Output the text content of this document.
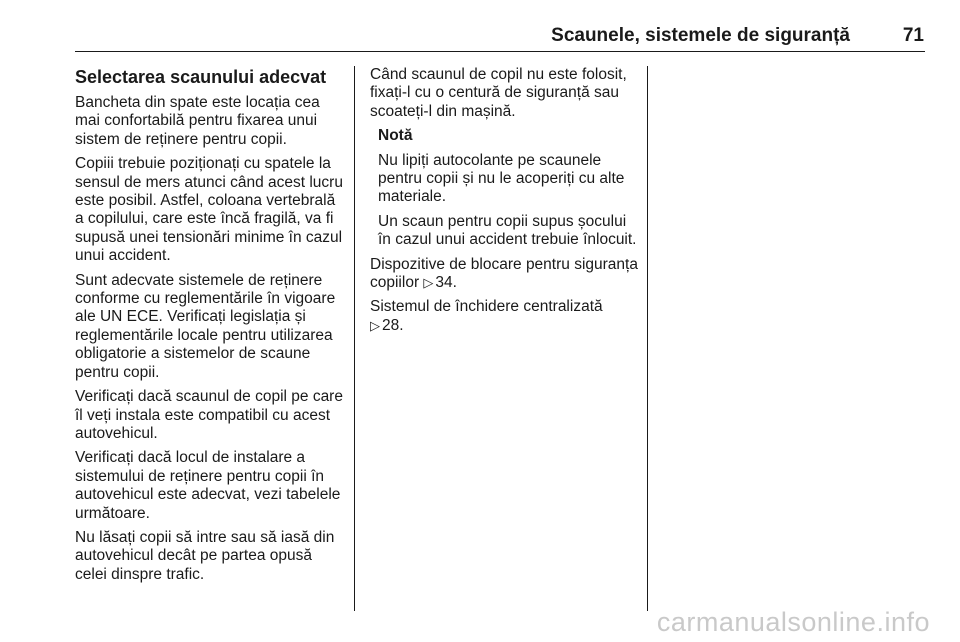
Scaunele, sistemele de siguranță	71
Selectarea scaunului adecvat

Bancheta din spate este locația cea mai confortabilă pentru fixarea unui sistem de reținere pentru copii.

Copiii trebuie poziționați cu spatele la sensul de mers atunci când acest lucru este posibil. Astfel, coloana vertebrală a copilului, care este încă fragilă, va fi supusă unei tensionări minime în cazul unui accident.

Sunt adecvate sistemele de reținere conforme cu reglementările în vigoare ale UN ECE. Verificați legislația și reglementările locale pentru utilizarea obligatorie a sistemelor de scaune pentru copii.

Verificați dacă scaunul de copil pe care îl veți instala este compatibil cu acest autovehicul.

Verificați dacă locul de instalare a sistemului de reținere pentru copii în autovehicul este adecvat, vezi tabelele următoare.

Nu lăsați copii să intre sau să iasă din autovehicul decât pe partea opusă celei dinspre trafic.

Când scaunul de copil nu este folosit, fixați-l cu o centură de siguranță sau scoateți-l din mașină.

Notă

Nu lipiți autocolante pe scaunele pentru copii și nu le acoperiți cu alte materiale.

Un scaun pentru copii supus șocului în cazul unui accident trebuie înlocuit.

Dispozitive de blocare pentru siguranța copiilor ▷ 34.

Sistemul de închidere centralizată
▷ 28.

carmanualsonline.info
